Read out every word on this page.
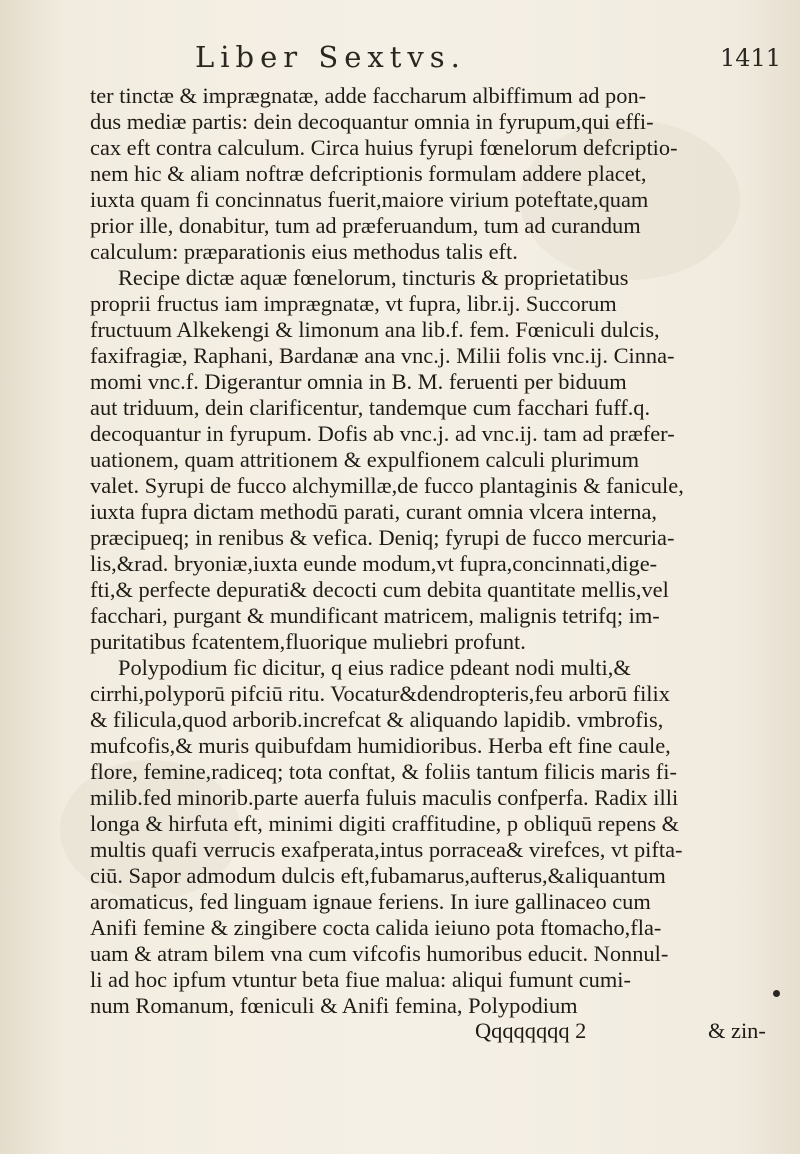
Liber Sextvs.	1411
ter tinctæ & imprægnatæ, adde faccharum albiffimum ad pon-
dus mediæ partis: dein decoquantur omnia in fyrupum,qui effi-
cax eft contra calculum. Circa huius fyrupi fœnelorum defcriptio-
nem hic & aliam noftræ defcriptionis formulam addere placet,
iuxta quam fi concinnatus fuerit,maiore virium poteftate,quam
prior ille, donabitur, tum ad præferuandum, tum ad curandum
calculum: præparationis eius methodus talis eft.
Recipe dictæ aquæ fœnelorum, tincturis & proprietatibus
proprii fructus iam imprægnatæ, vt fupra, libr.ij. Succorum
fructuum Alkekengi & limonum ana lib.f. fem. Fœniculi dulcis,
faxifragiæ, Raphani, Bardanæ ana vnc.j. Milii folis vnc.ij. Cinna-
momi vnc.f. Digerantur omnia in B. M. feruenti per biduum
aut triduum, dein clarificentur, tandemque cum facchari fuff.q.
decoquantur in fyrupum. Dofis ab vnc.j. ad vnc.ij. tam ad præfer-
uationem, quam attritionem & expulfionem calculi plurimum
valet. Syrupi de fucco alchymillæ,de fucco plantaginis & fanicule,
iuxta fupra dictam methodū parati, curant omnia vlcera interna,
præcipueq; in renibus & vefica. Deniq; fyrupi de fucco mercuria-
lis,&rad. bryoniæ,iuxta eunde modum,vt fupra,concinnati,dige-
fti,& perfecte depurati& decocti cum debita quantitate mellis,vel
facchari, purgant & mundificant matricem, malignis tetrifq; im-
puritatibus fcatentem,fluorique muliebri profunt.
Polypodium fic dicitur, q eius radice pdeant nodi multi,&
cirrhi,polyporū pifciū ritu. Vocatur&dendropteris,feu arborū filix
& filicula,quod arborib.increfcat & aliquando lapidib. vmbrofis,
mufcofis,& muris quibufdam humidioribus. Herba eft fine caule,
flore, femine,radiceq; tota conftat, & foliis tantum filicis maris fi-
milib.fed minorib.parte auerfa fuluis maculis confperfa. Radix illi
longa & hirfuta eft, minimi digiti craffitudine, p obliquū repens &
multis quafi verrucis exafperata,intus porracea& virefces, vt pifta-
ciū. Sapor admodum dulcis eft,fubamarus,aufterus,&aliquantum
aromaticus, fed linguam ignaue feriens. In iure gallinaceo cum
Anifi femine & zingibere cocta calida ieiuno pota ftomacho,fla-
uam & atram bilem vna cum vifcofis humoribus educit. Nonnul-
li ad hoc ipfum vtuntur beta fiue malua: aliqui fumunt cumi-
num Romanum, fœniculi & Anifi femina, Polypodium
Qqqqqqqq 2	& zin-
